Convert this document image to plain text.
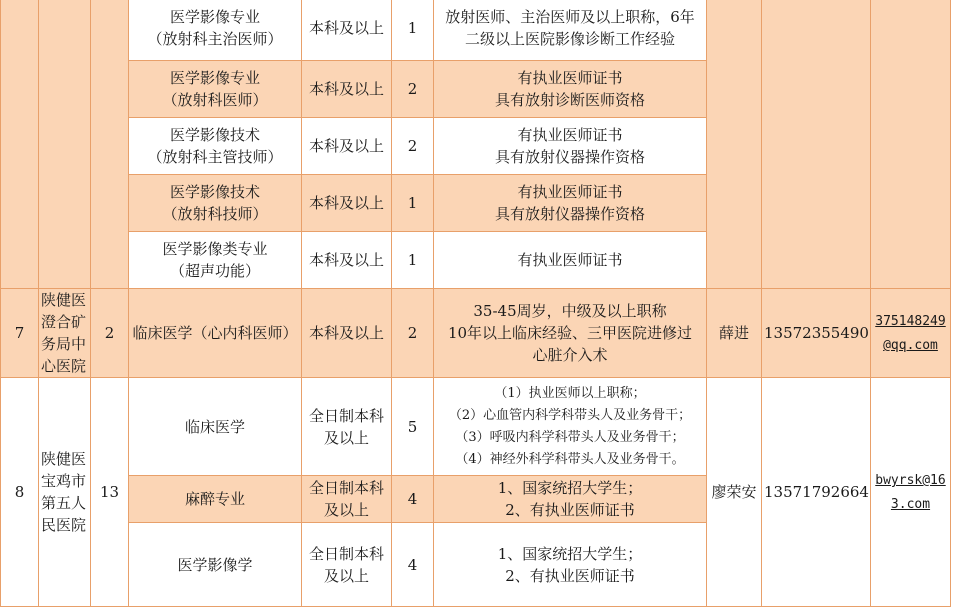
			医学影像专业
（放射科主治医师）	本科及以上	1	放射医师、主治医师及以上职称，6年
二级以上医院影像诊断工作经验			
			医学影像专业
（放射科医师）	本科及以上	2	有执业医师证书
具有放射诊断医师资格			
			医学影像技术
（放射科主管技师）	本科及以上	2	有执业医师证书
具有放射仪器操作资格			
			医学影像技术
（放射科技师）	本科及以上	1	有执业医师证书
具有放射仪器操作资格			
			医学影像类专业
（超声功能）	本科及以上	1	有执业医师证书			
7	陕健医
澄合矿
务局中
心医院	2	临床医学（心内科医师）	本科及以上	2	35-45周岁，中级及以上职称
10年以上临床经验、三甲医院进修过
心脏介入术	薛进	13572355490	375148249
@qq.com
8	陕健医
宝鸡市
第五人
民医院	13	临床医学	全日制本科
及以上	5	（1）执业医师以上职称；
（2）心血管内科学科带头人及业务骨干；
（3）呼吸内科学科带头人及业务骨干；
（4）神经外科学科带头人及业务骨干。	廖荣安	13571792664	bwyrsk@16
3.com
			麻醉专业	全日制本科
及以上	4	1、国家统招大学生；
2、有执业医师证书			
			医学影像学	全日制本科
及以上	4	1、国家统招大学生；
2、有执业医师证书			
